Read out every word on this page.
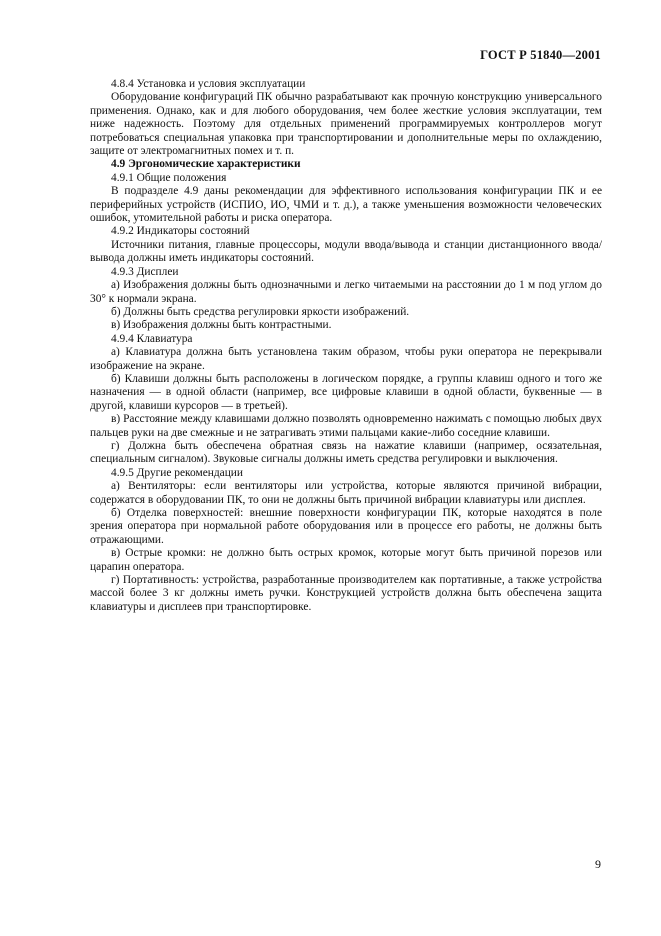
ГОСТ Р 51840—2001

4.8.4 Установка и условия эксплуатации

Оборудование конфигураций ПК обычно разрабатывают как прочную конструкцию универсального применения. Однако, как и для любого оборудования, чем более жесткие условия эксплуатации, тем ниже надежность. Поэтому для отдельных применений программируемых контроллеров могут потребоваться специальная упаковка при транспортировании и дополнительные меры по охлаждению, защите от электромагнитных помех и т. п.

4.9 Эргономические характеристики

4.9.1 Общие положения

В подразделе 4.9 даны рекомендации для эффективного использования конфигурации ПК и ее периферийных устройств (ИСПИО, ИО, ЧМИ и т. д.), а также уменьшения возможности человеческих ошибок, утомительной работы и риска оператора.

4.9.2 Индикаторы состояний

Источники питания, главные процессоры, модули ввода/вывода и станции дистанционного ввода/вывода должны иметь индикаторы состояний.

4.9.3 Дисплеи

а) Изображения должны быть однозначными и легко читаемыми на расстоянии до 1 м под углом до 30° к нормали экрана.

б) Должны быть средства регулировки яркости изображений.

в) Изображения должны быть контрастными.

4.9.4 Клавиатура

а) Клавиатура должна быть установлена таким образом, чтобы руки оператора не перекрывали изображение на экране.

б) Клавиши должны быть расположены в логическом порядке, а группы клавиш одного и того же назначения — в одной области (например, все цифровые клавиши в одной области, буквенные — в другой, клавиши курсоров — в третьей).

в) Расстояние между клавишами должно позволять одновременно нажимать с помощью любых двух пальцев руки на две смежные и не затрагивать этими пальцами какие-либо соседние клавиши.

г) Должна быть обеспечена обратная связь на нажатие клавиши (например, осязательная, специальным сигналом). Звуковые сигналы должны иметь средства регулировки и выключения.

4.9.5 Другие рекомендации

а) Вентиляторы: если вентиляторы или устройства, которые являются причиной вибрации, содержатся в оборудовании ПК, то они не должны быть причиной вибрации клавиатуры или дисплея.

б) Отделка поверхностей: внешние поверхности конфигурации ПК, которые находятся в поле зрения оператора при нормальной работе оборудования или в процессе его работы, не должны быть отражающими.

в) Острые кромки: не должно быть острых кромок, которые могут быть причиной порезов или царапин оператора.

г) Портативность: устройства, разработанные производителем как портативные, а также устройства массой более 3 кг должны иметь ручки. Конструкцией устройств должна быть обеспечена защита клавиатуры и дисплеев при транспортировке.

9
